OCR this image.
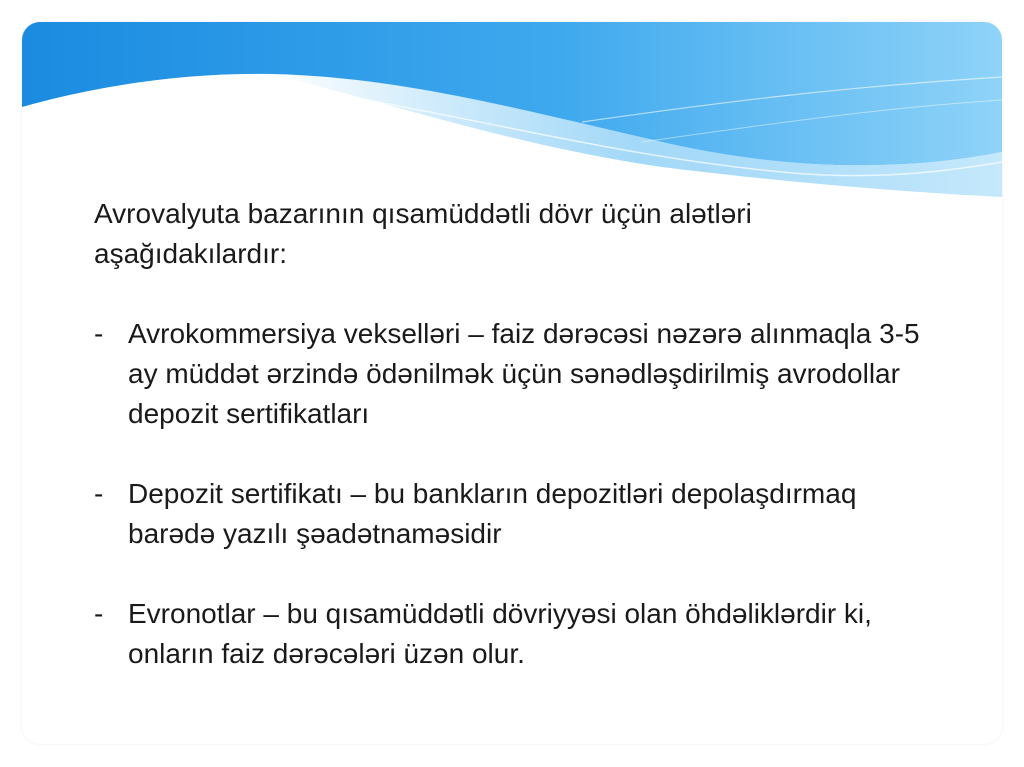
Avrovalyuta bazarının qısamüddətli dövr üçün alətləri aşağıdakılardır:

- Avrokommersiya veksellәri – faiz dərəcəsi nəzərə alınmaqla 3-5 ay müddət ərzində ödənilmək üçün sənədləşdirilmiş avrodollar depozit sertifikatları
- Depozit sertifikatı – bu bankların depozitləri depolaşdırmaq barədə yazılı şəadətnaməsidir
- Evronotlar – bu qısamüddətli dövriyyəsi olan öhdəliklərdir ki, onların faiz dərəcələri üzən olur.
